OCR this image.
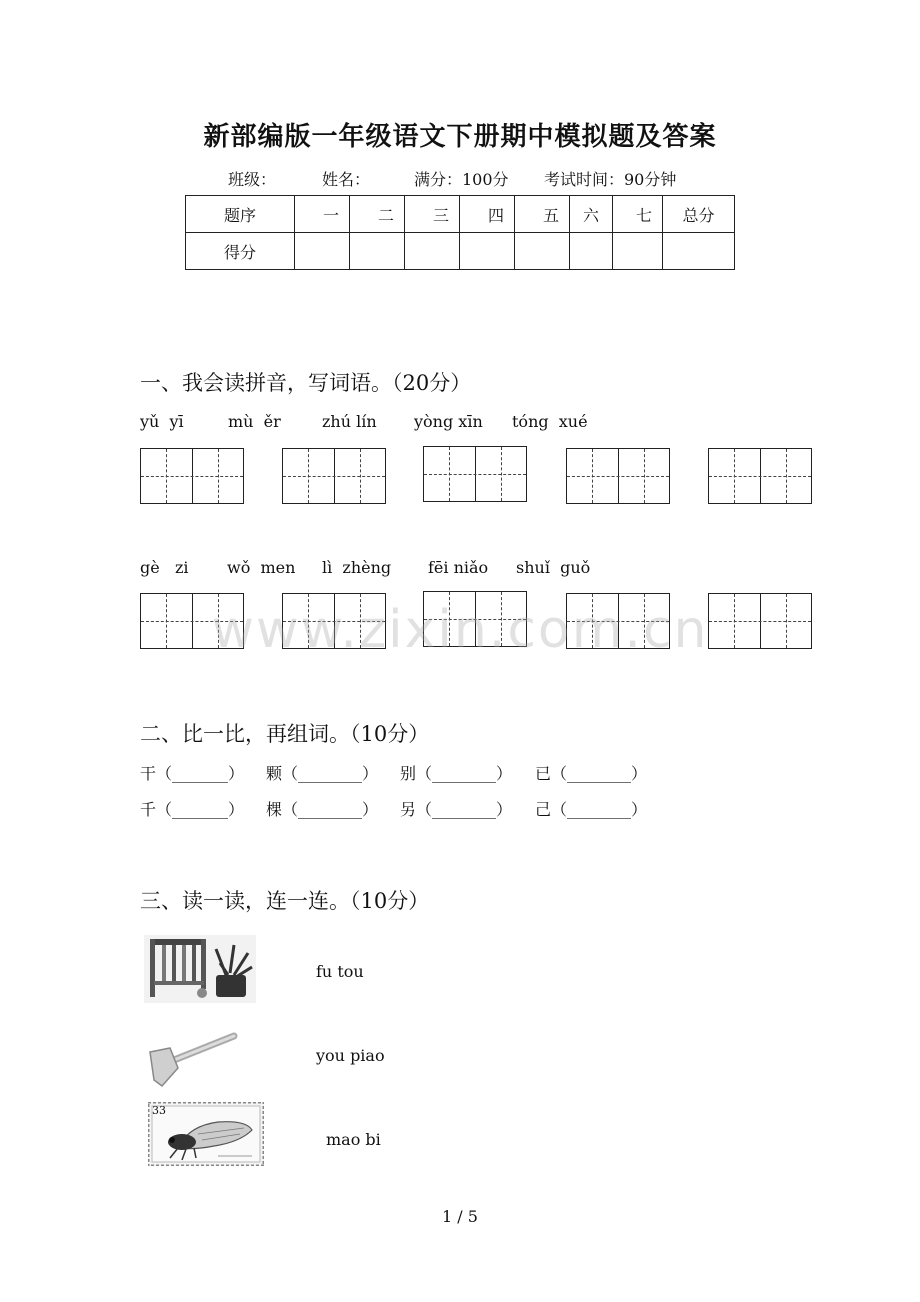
新部编版一年级语文下册期中模拟题及答案
班级：	姓名：	满分：100分 考试时间：90分钟
题序	一	二	三	四	五	六	七	总分
得分								
一、我会读拼音，写词语。（20分）
yǔ  yī	mù  ěr	zhú lín yòng xīn tóng  xué
gè   zi wǒ  men lì  zhèng fēi niǎo shuǐ  guǒ
www.zixin.com.cn
二、比一比，再组词。（10分）
干（_______） 颗（________） 别（________） 已（________）
千（_______） 棵（________） 另（________） 己（________）
三、读一读，连一连。（10分）
fu tou
you piao
33
mao bi
1 / 5
